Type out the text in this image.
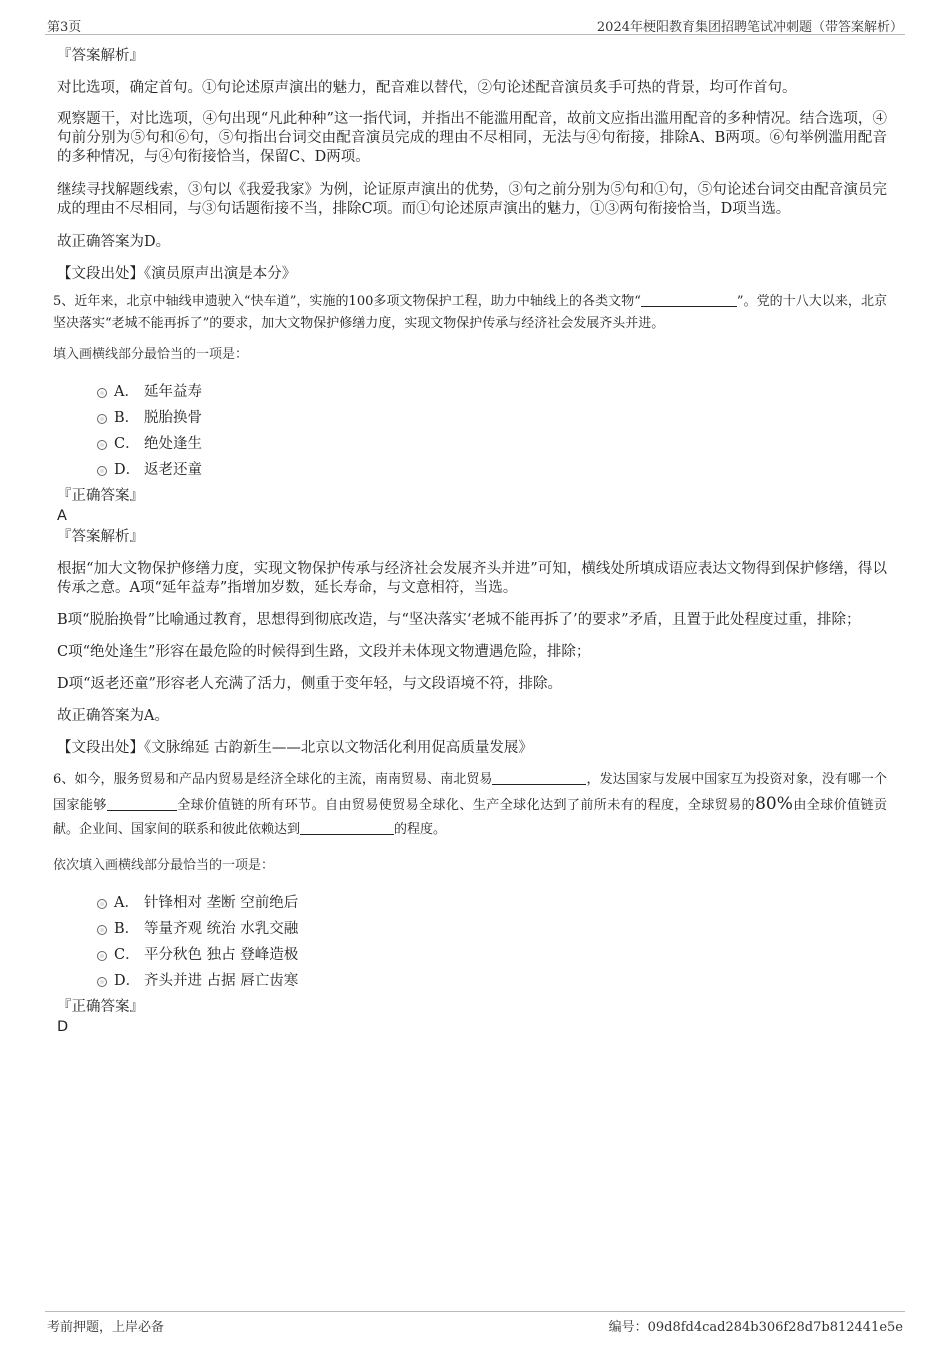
第3页	2024年梗阳教育集团招聘笔试冲刺题（带答案解析）

『答案解析』

对比选项，确定首句。①句论述原声演出的魅力，配音难以替代，②句论述配音演员炙手可热的背景，均可作首句。

观察题干，对比选项，④句出现“凡此种种”这一指代词，并指出不能滥用配音，故前文应指出滥用配音的多种情况。结合选项，④句前分别为⑤句和⑥句，⑤句指出台词交由配音演员完成的理由不尽相同，无法与④句衔接，排除A、B两项。⑥句举例滥用配音的多种情况，与④句衔接恰当，保留C、D两项。

继续寻找解题线索，③句以《我爱我家》为例，论证原声演出的优势，③句之前分别为⑤句和①句，⑤句论述台词交由配音演员完成的理由不尽相同，与③句话题衔接不当，排除C项。而①句论述原声演出的魅力，①③两句衔接恰当，D项当选。

故正确答案为D。

【文段出处】《演员原声出演是本分》

5、近年来，北京中轴线申遗驶入“快车道”，实施的100多项文物保护工程，助力中轴线上的各类文物“	”。党的十八大以来，北京坚决落实“老城不能再拆了”的要求，加大文物保护修缮力度，实现文物保护传承与经济社会发展齐头并进。

填入画横线部分最恰当的一项是：

A． 延年益寿
B． 脱胎换骨
C． 绝处逢生
D． 返老还童

『正确答案』

A

『答案解析』

根据“加大文物保护修缮力度，实现文物保护传承与经济社会发展齐头并进”可知，横线处所填成语应表达文物得到保护修缮，得以传承之意。A项“延年益寿”指增加岁数，延长寿命，与文意相符，当选。

B项“脱胎换骨”比喻通过教育，思想得到彻底改造，与“坚决落实‘老城不能再拆了’的要求”矛盾，且置于此处程度过重，排除；

C项“绝处逢生”形容在最危险的时候得到生路，文段并未体现文物遭遇危险，排除；

D项“返老还童”形容老人充满了活力，侧重于变年轻，与文段语境不符，排除。

故正确答案为A。

【文段出处】《文脉绵延 古韵新生——北京以文物活化利用促高质量发展》

6、如今，服务贸易和产品内贸易是经济全球化的主流，南南贸易、南北贸易	，发达国家与发展中国家互为投资对象，没有哪一个国家能够	全球价值链的所有环节。自由贸易使贸易全球化、生产全球化达到了前所未有的程度，全球贸易的80%由全球价值链贡献。企业间、国家间的联系和彼此依赖达到	的程度。

依次填入画横线部分最恰当的一项是：

A． 针锋相对 垄断 空前绝后
B． 等量齐观 统治 水乳交融
C． 平分秋色 独占 登峰造极
D． 齐头并进 占据 唇亡齿寒

『正确答案』

D

考前押题，上岸必备	编号：09d8fd4cad284b306f28d7b812441e5e
